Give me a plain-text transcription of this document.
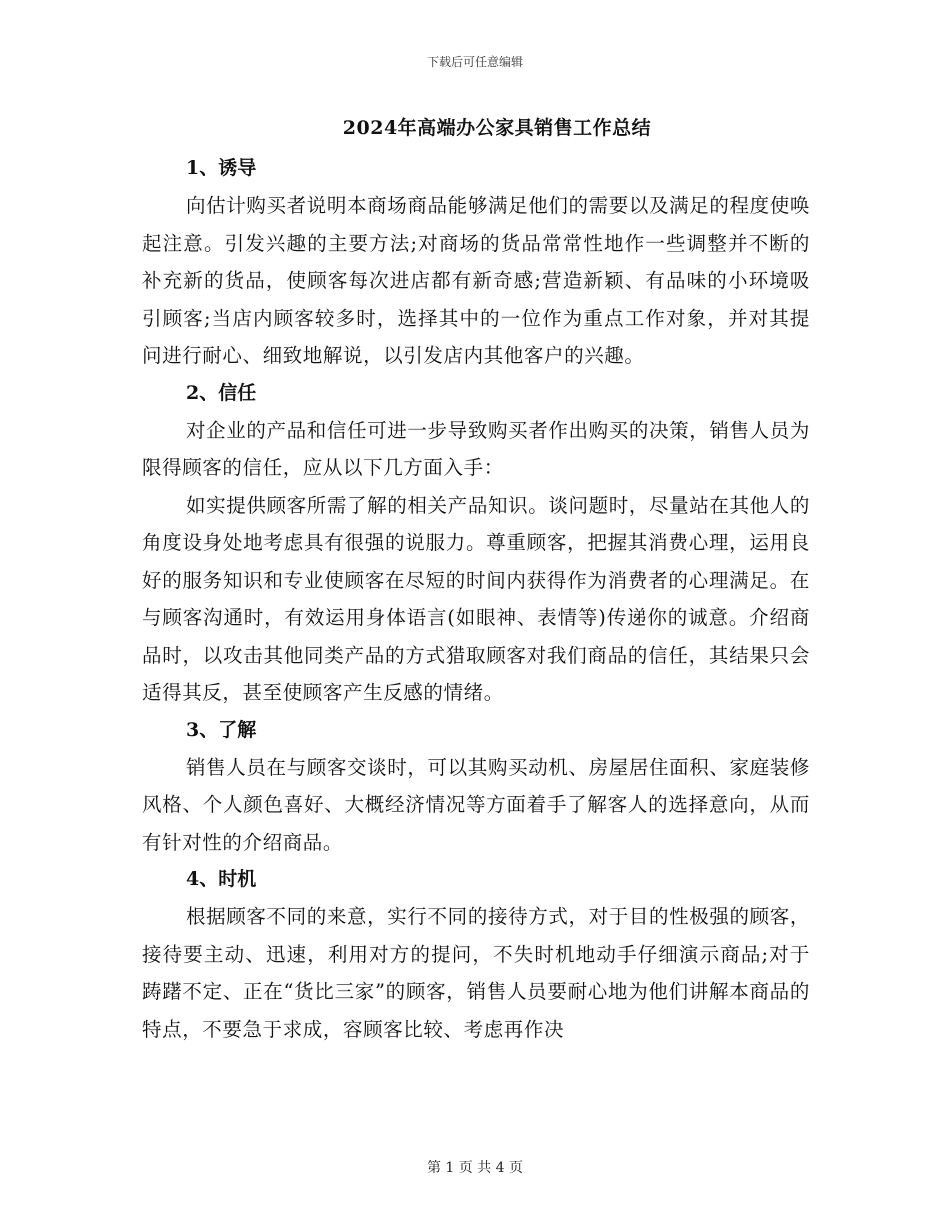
下载后可任意编辑
2024年高端办公家具销售工作总结
1、诱导

向估计购买者说明本商场商品能够满足他们的需要以及满足的程度使唤起注意。引发兴趣的主要方法;对商场的货品常常性地作一些调整并不断的补充新的货品，使顾客每次进店都有新奇感;营造新颖、有品味的小环境吸引顾客;当店内顾客较多时，选择其中的一位作为重点工作对象，并对其提问进行耐心、细致地解说，以引发店内其他客户的兴趣。

2、信任

对企业的产品和信任可进一步导致购买者作出购买的决策，销售人员为限得顾客的信任，应从以下几方面入手：

如实提供顾客所需了解的相关产品知识。谈问题时，尽量站在其他人的角度设身处地考虑具有很强的说服力。尊重顾客，把握其消费心理，运用良好的服务知识和专业使顾客在尽短的时间内获得作为消费者的心理满足。在与顾客沟通时，有效运用身体语言(如眼神、表情等)传递你的诚意。介绍商品时，以攻击其他同类产品的方式猎取顾客对我们商品的信任，其结果只会适得其反，甚至使顾客产生反感的情绪。

3、了解

销售人员在与顾客交谈时，可以其购买动机、房屋居住面积、家庭装修风格、个人颜色喜好、大概经济情况等方面着手了解客人的选择意向，从而有针对性的介绍商品。

4、时机

根据顾客不同的来意，实行不同的接待方式，对于目的性极强的顾客，接待要主动、迅速，利用对方的提问，不失时机地动手仔细演示商品;对于踌躇不定、正在“货比三家”的顾客，销售人员要耐心地为他们讲解本商品的特点，不要急于求成，容顾客比较、考虑再作决

第 1 页 共 4 页
